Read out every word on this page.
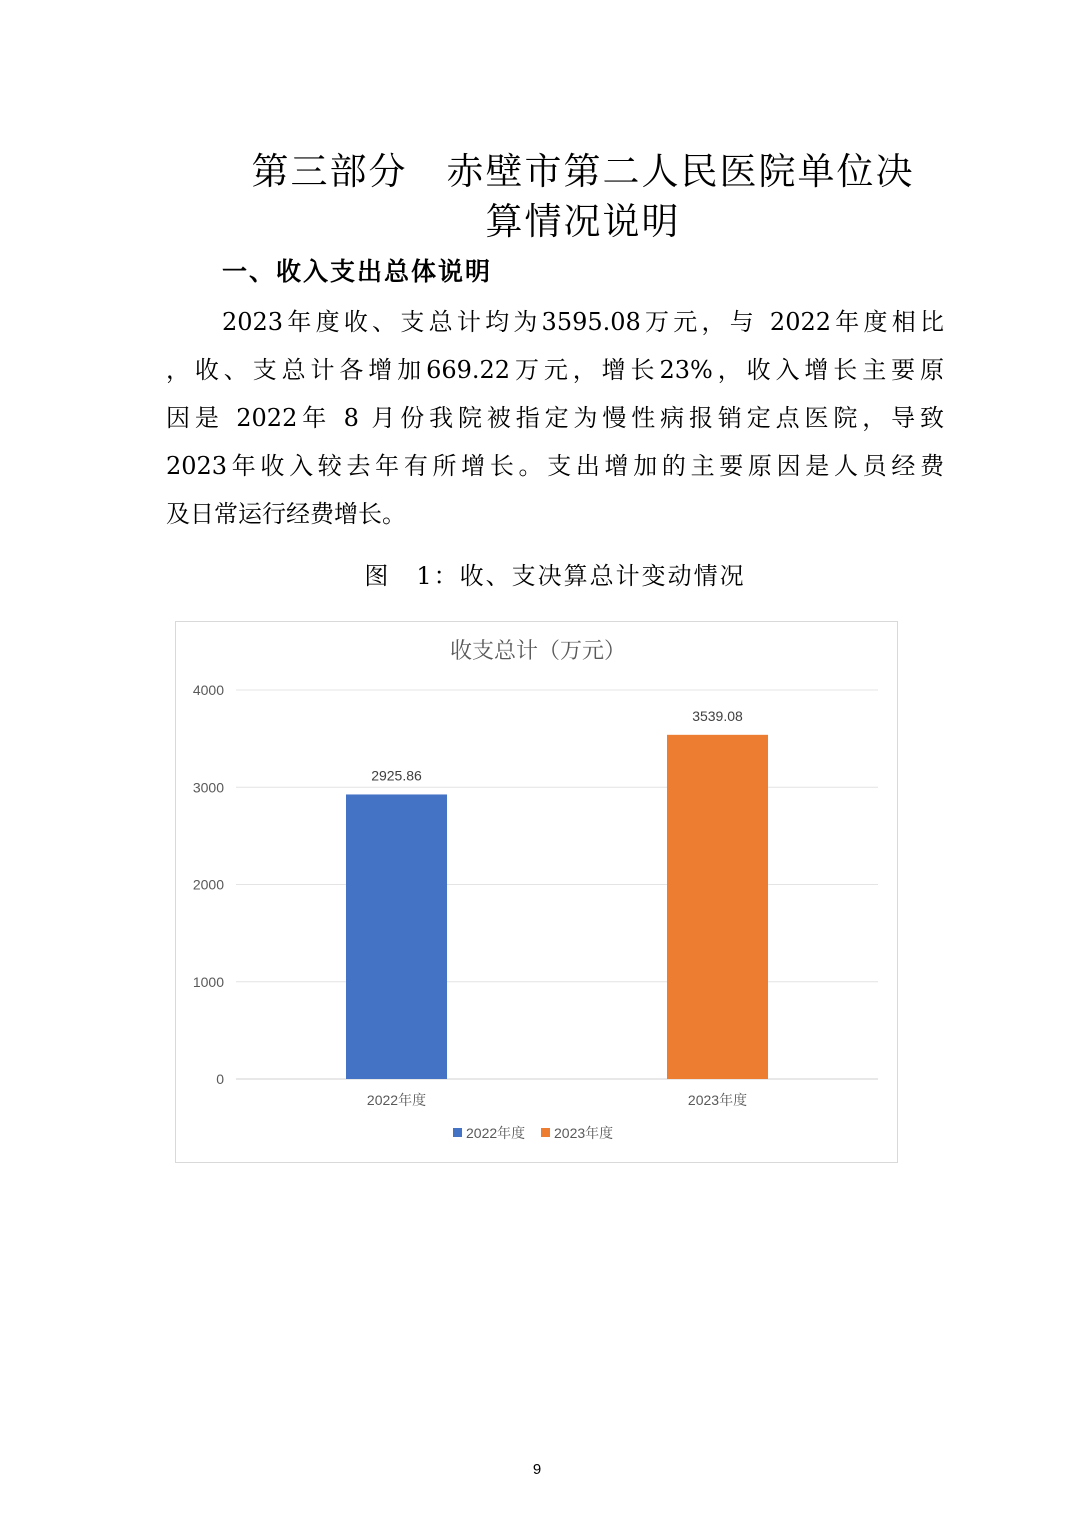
第三部分　赤壁市第二人民医院单位决
算情况说明
一、收入支出总体说明
2023年度收、支总计均为3595.08万元，与 2022年度相比
，收、支总计各增加669.22万元，增长23%，收入增长主要原
因是 2022年 8 月份我院被指定为慢性病报销定点医院，导致
2023年收入较去年有所增长。支出增加的主要原因是人员经费
及日常运行经费增长。
图　1：收、支决算总计变动情况
收支总计（万元）
0
1000
2000
3000
4000
2925.86
2022年度
3539.08
2023年度
2022年度 2023年度
9
